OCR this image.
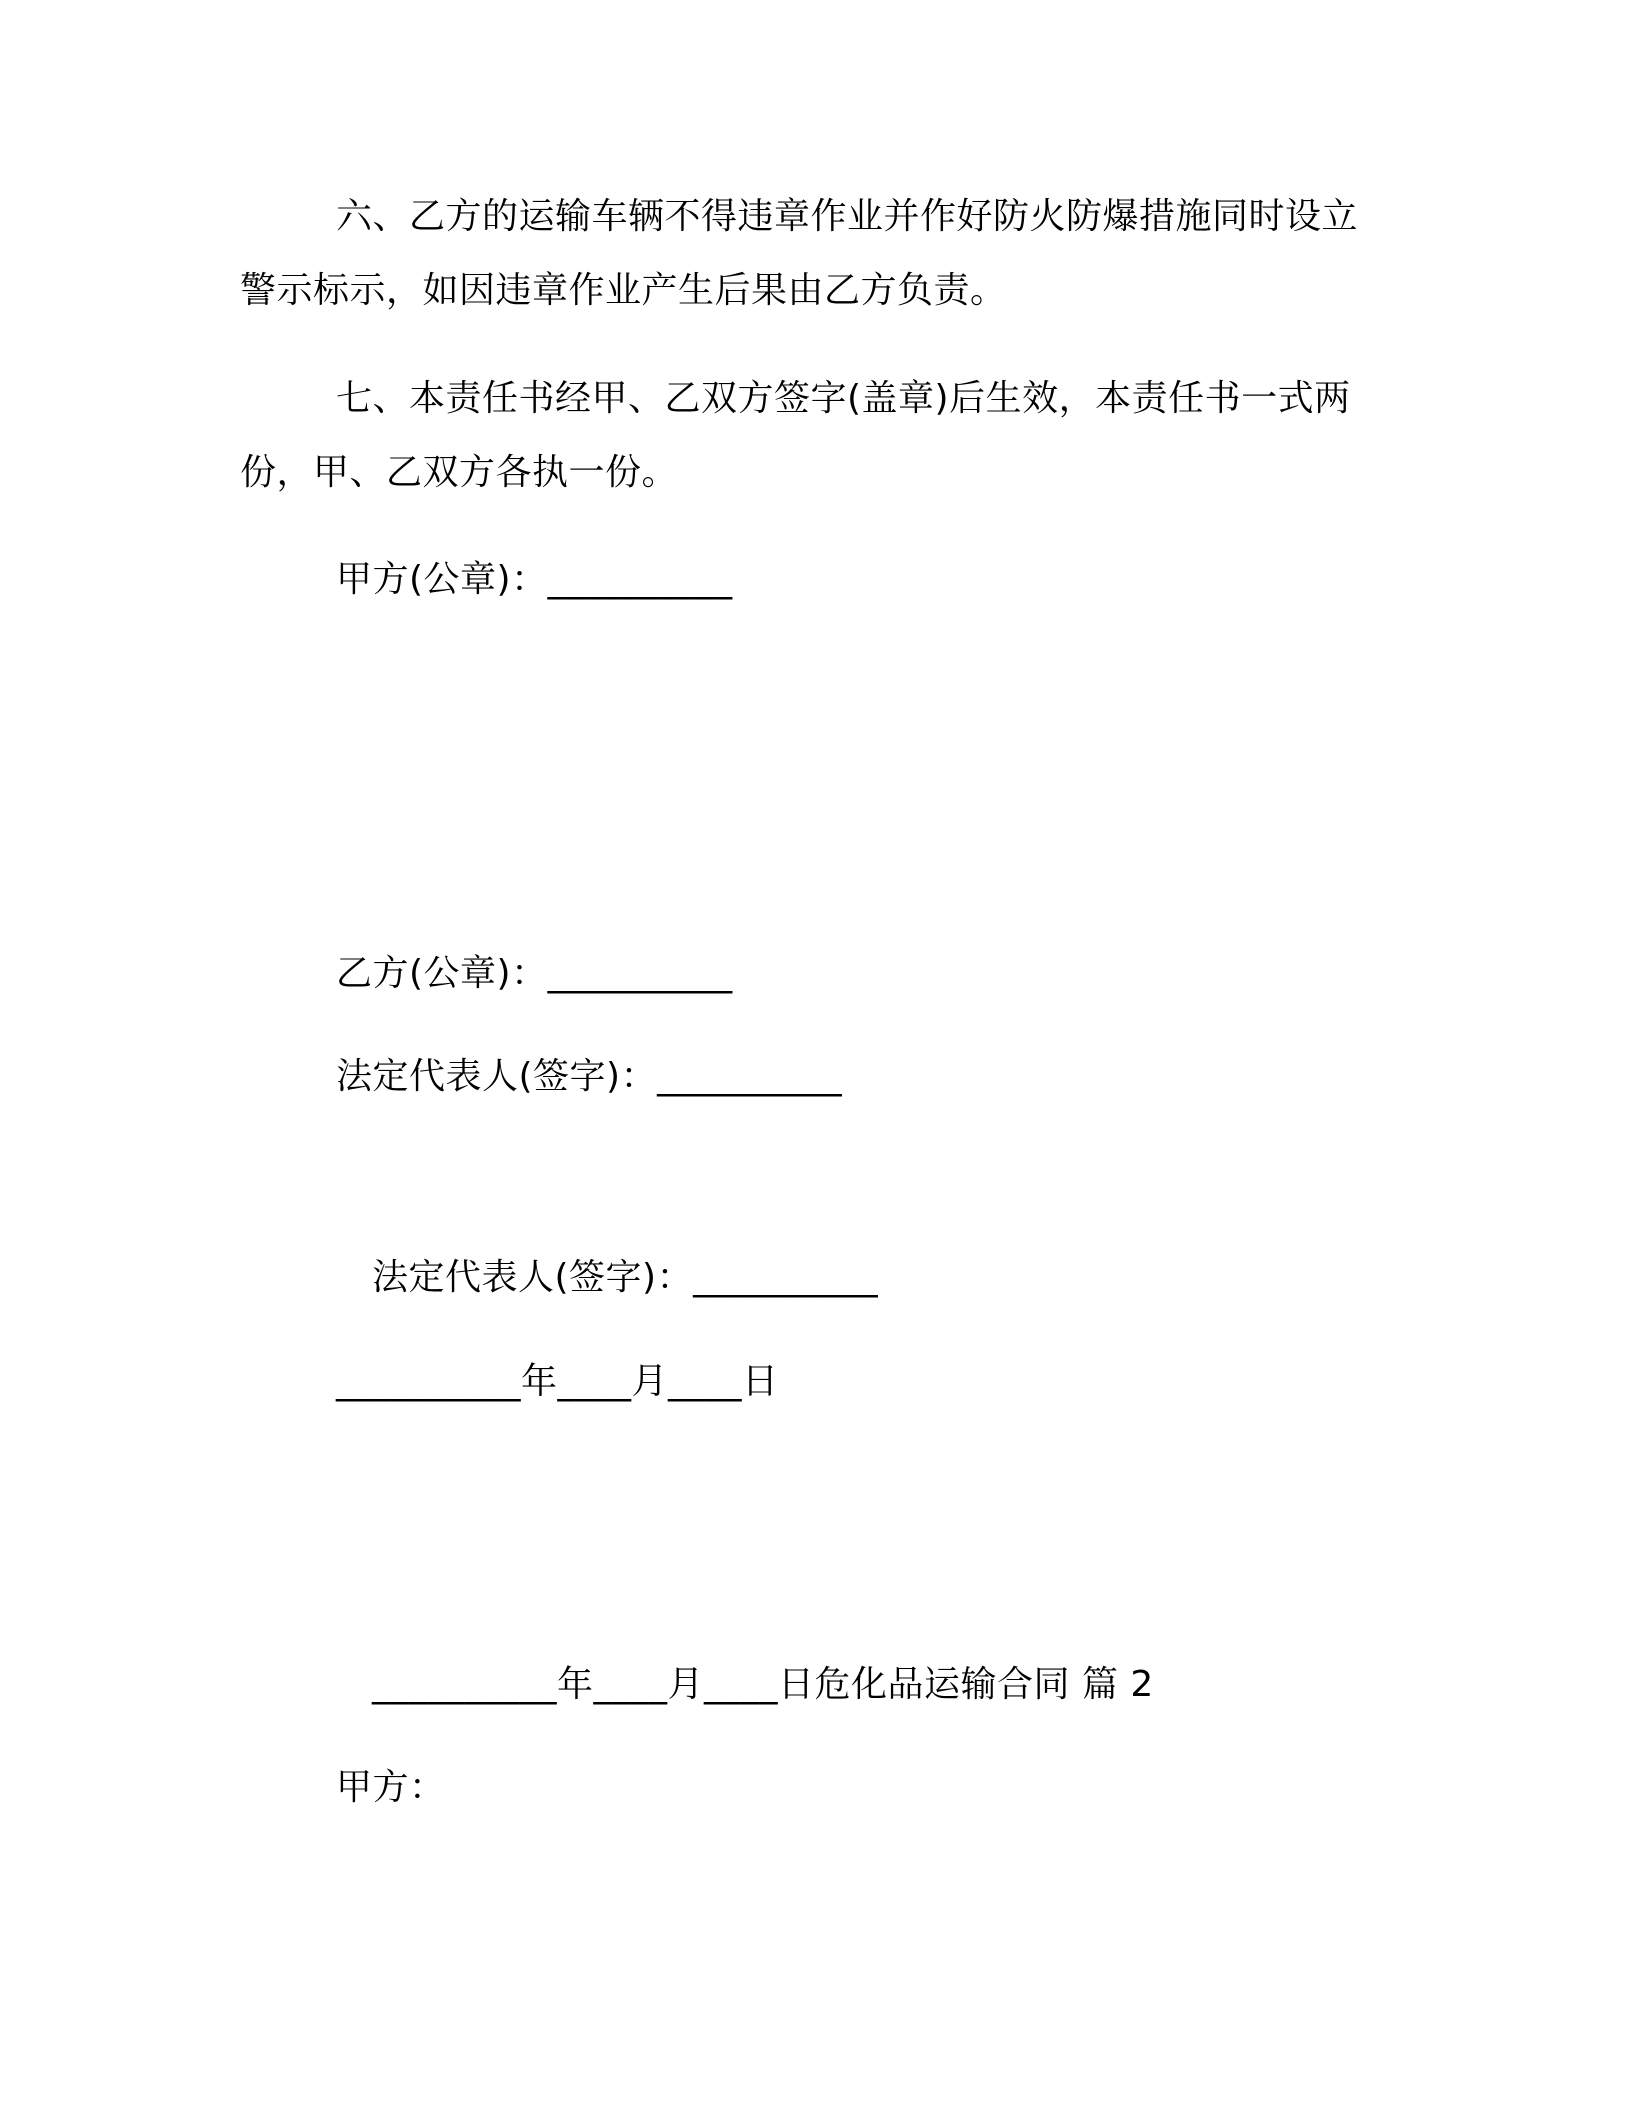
六、乙方的运输车辆不得违章作业并作好防火防爆措施同时设立警示标示，如因违章作业产生后果由乙方负责。

七、本责任书经甲、乙双方签字(盖章)后生效，本责任书一式两份，甲、乙双方各执一份。

甲方(公章)：__________
乙方(公章)：__________
法定代表人(签字)：__________
法定代表人(签字)：__________
__________年____月____日
__________年____月____日危化品运输合同 篇 2
甲方：
